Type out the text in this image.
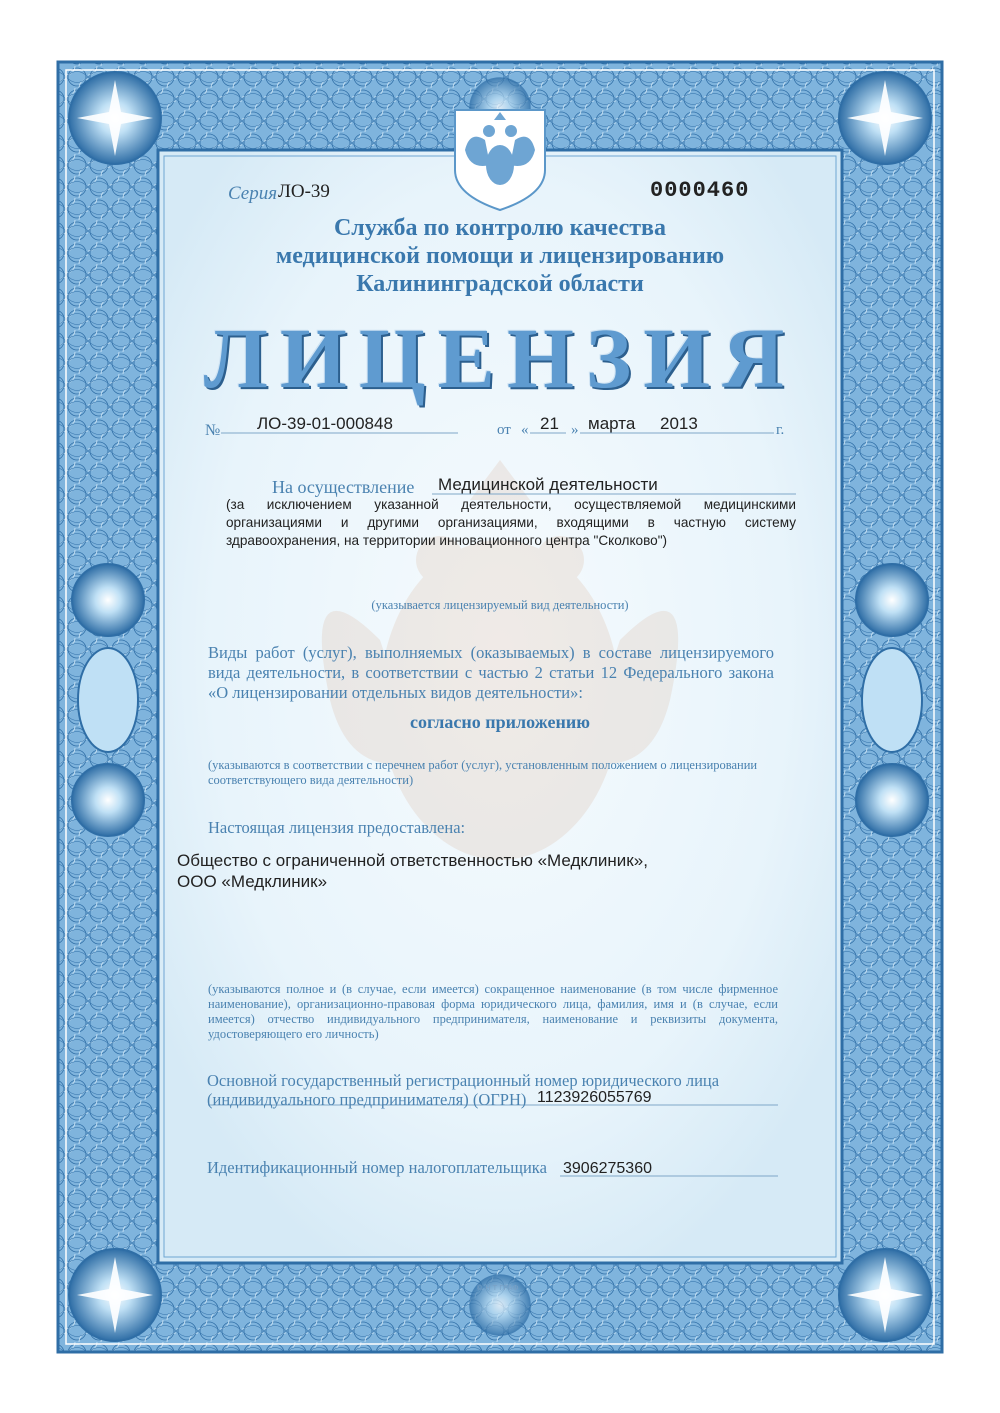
Серия ЛО-39	0000460
Служба по контролю качества
медицинской помощи и лицензированию
Калининградской области
ЛИЦЕНЗИЯ
№ ЛО-39-01-000848	от « 21 » марта 2013	г.
На осуществление Медицинской деятельности
(за исключением указанной деятельности, осуществляемой медицинскими организациями и другими организациями, входящими в частную систему здравоохранения, на территории инновационного центра "Сколково")
(указывается лицензируемый вид деятельности)
Виды работ (услуг), выполняемых (оказываемых) в составе лицензируемого вида деятельности, в соответствии с частью 2 статьи 12 Федерального закона «О лицензировании отдельных видов деятельности»:
согласно приложению
(указываются в соответствии с перечнем работ (услуг), установленным положением о лицензировании соответствующего вида деятельности)
Настоящая лицензия предоставлена:
Общество с ограниченной ответственностью «Медклиник»,
ООО «Медклиник»
(указываются полное и (в случае, если имеется) сокращенное наименование (в том числе фирменное наименование), организационно-правовая форма юридического лица, фамилия, имя и (в случае, если имеется) отчество индивидуального предпринимателя, наименование и реквизиты документа, удостоверяющего его личность)
Основной государственный регистрационный номер юридического лица
(индивидуального предпринимателя) (ОГРН) 1123926055769
Идентификационный номер налогоплательщика 3906275360
© Н Т ГРАФ
